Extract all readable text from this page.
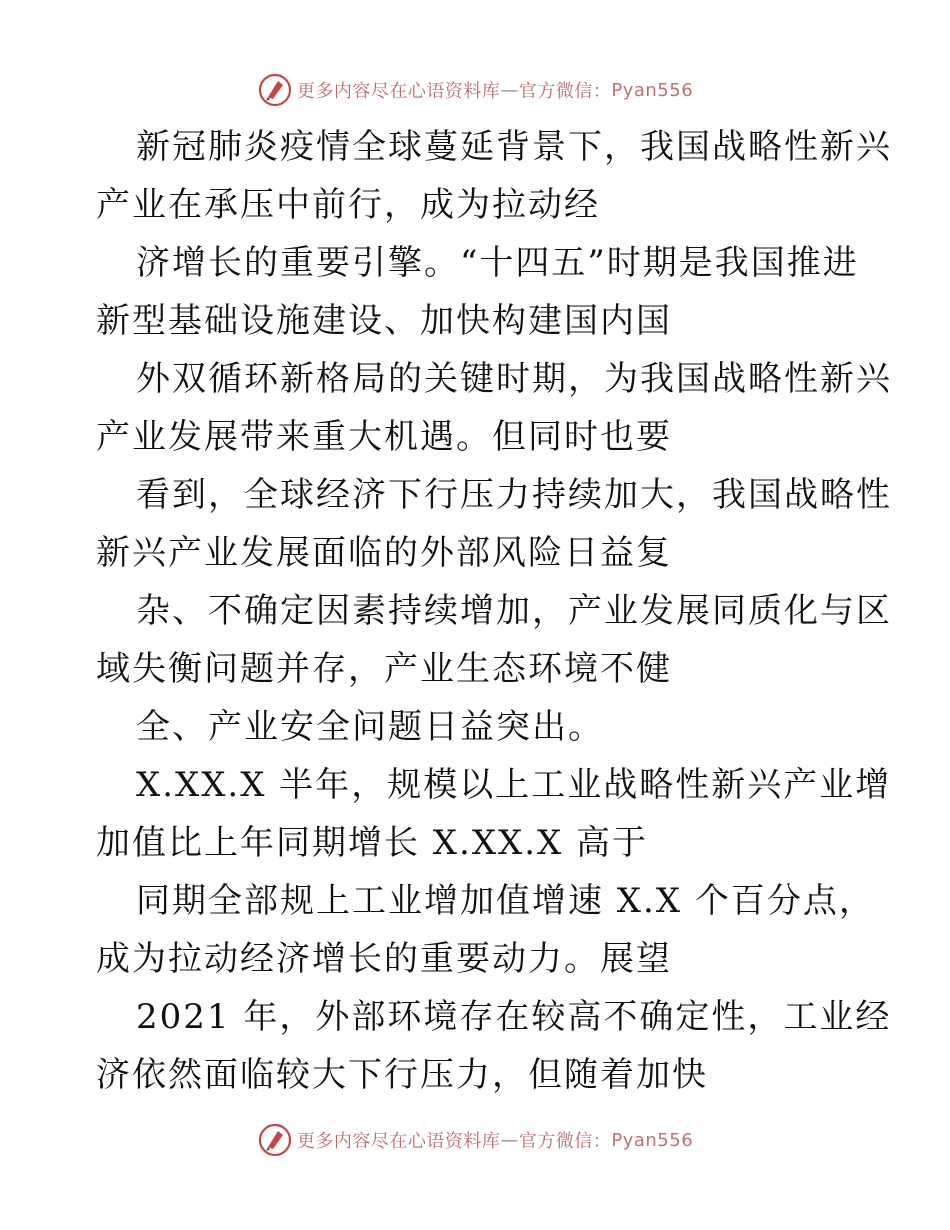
更多内容尽在心语资料库 — 官方微信： Pyan556

新冠肺炎疫情全球蔓延背景下，我国战略性新兴
产业在承压中前行，成为拉动经

济增长的重要引擎。“十四五”时期是我国推进
新型基础设施建设、加快构建国内国

外双循环新格局的关键时期，为我国战略性新兴
产业发展带来重大机遇。但同时也要

看到，全球经济下行压力持续加大，我国战略性
新兴产业发展面临的外部风险日益复

杂、不确定因素持续增加，产业发展同质化与区
域失衡问题并存，产业生态环境不健

全、产业安全问题日益突出。

X.XX.X 半年，规模以上工业战略性新兴产业增
加值比上年同期增长 X.XX.X 高于

同期全部规上工业增加值增速 X.X 个百分点，
成为拉动经济增长的重要动力。展望

2021 年，外部环境存在较高不确定性，工业经
济依然面临较大下行压力，但随着加快

更多内容尽在心语资料库 — 官方微信： Pyan556
